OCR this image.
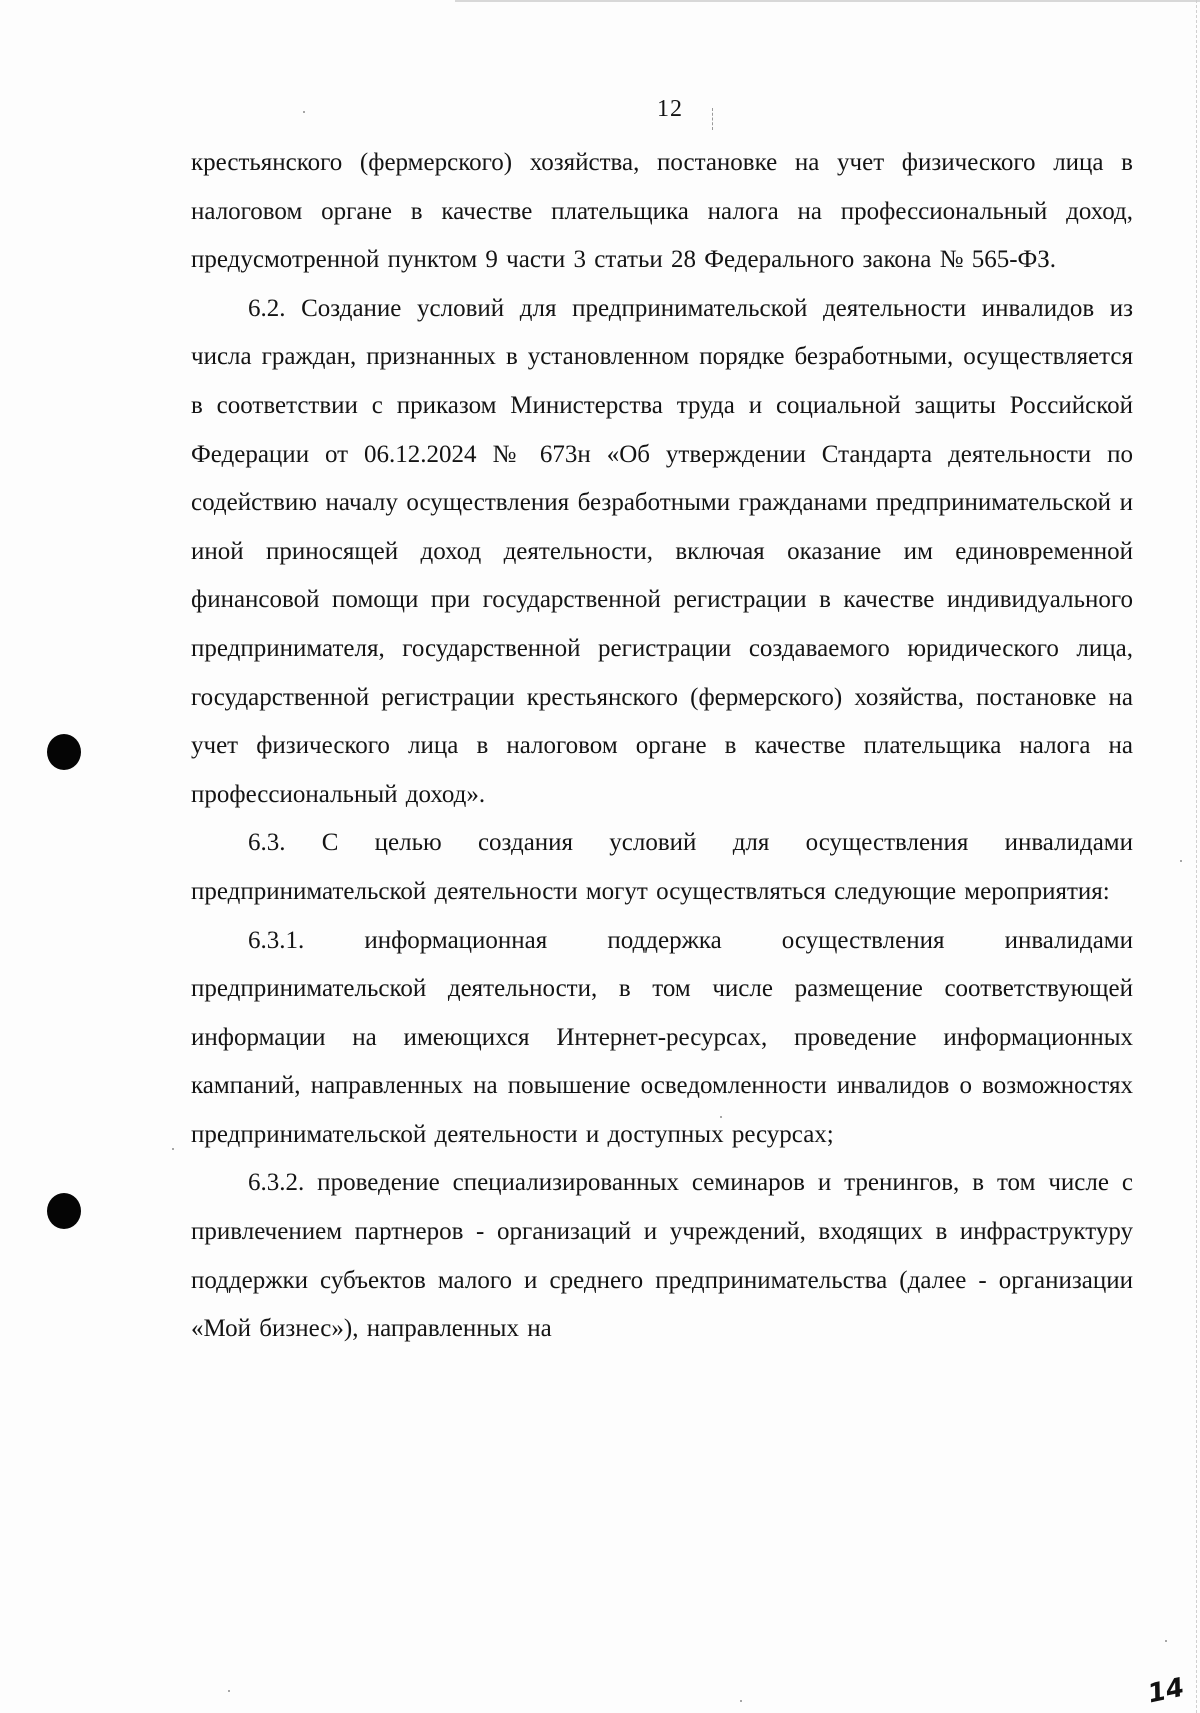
12

крестьянского (фермерского) хозяйства, постановке на учет физического лица в налоговом органе в качестве плательщика налога на профессиональный доход, предусмотренной пунктом 9 части 3 статьи 28 Федерального закона № 565-ФЗ.

6.2. Создание условий для предпринимательской деятельности инвалидов из числа граждан, признанных в установленном порядке безработными, осуществляется в соответствии с приказом Министерства труда и социальной защиты Российской Федерации от 06.12.2024 № 673н «Об утверждении Стандарта деятельности по содействию началу осуществления безработными гражданами предпринимательской и иной приносящей доход деятельности, включая оказание им единовременной финансовой помощи при государственной регистрации в качестве индивидуального предпринимателя, государственной регистрации создаваемого юридического лица, государственной регистрации крестьянского (фермерского) хозяйства, постановке на учет физического лица в налоговом органе в качестве плательщика налога на профессиональный доход».

6.3. С целью создания условий для осуществления инвалидами предпринимательской деятельности могут осуществляться следующие мероприятия:

6.3.1. информационная поддержка осуществления инвалидами предпринимательской деятельности, в том числе размещение соответствующей информации на имеющихся Интернет-ресурсах, проведение информационных кампаний, направленных на повышение осведомленности инвалидов о возможностях предпринимательской деятельности и доступных ресурсах;

6.3.2. проведение специализированных семинаров и тренингов, в том числе с привлечением партнеров - организаций и учреждений, входящих в инфраструктуру поддержки субъектов малого и среднего предпринимательства (далее - организации «Мой бизнес»), направленных на

14
